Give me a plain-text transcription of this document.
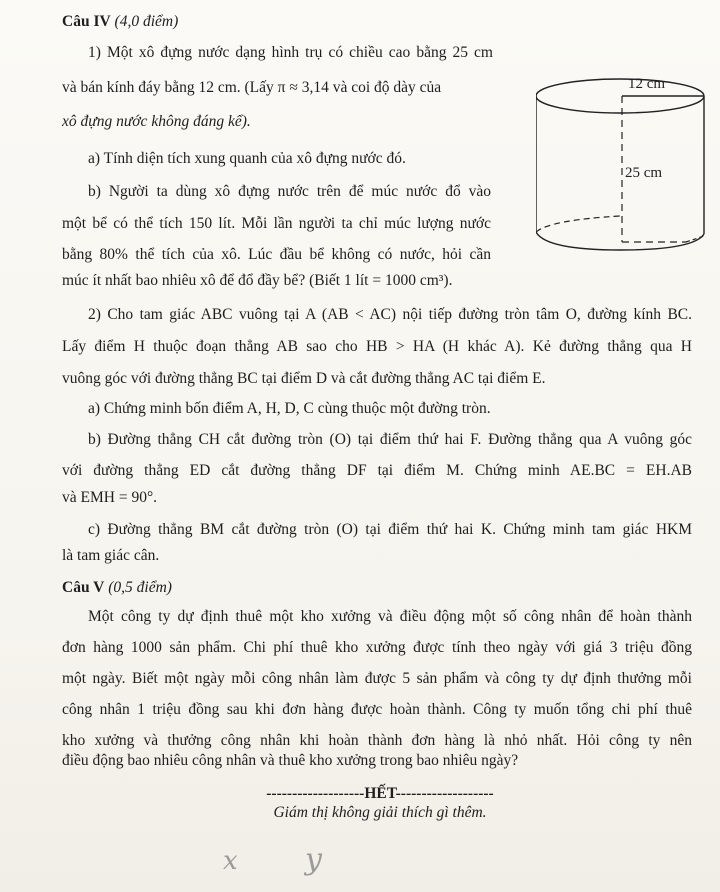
Câu IV (4,0 điểm)

1) Một xô đựng nước dạng hình trụ có chiều cao bằng 25 cm

và bán kính đáy bằng 12 cm. (Lấy π ≈ 3,14 và coi độ dày của

xô đựng nước không đáng kể).

a) Tính diện tích xung quanh của xô đựng nước đó.

b) Người ta dùng xô đựng nước trên để múc nước đổ vào

một bể có thể tích 150 lít. Mỗi lần người ta chỉ múc lượng nước

bằng 80% thể tích của xô. Lúc đầu bể không có nước, hỏi cần

múc ít nhất bao nhiêu xô để đổ đầy bể? (Biết 1 lít = 1000 cm³).

12 cm
25 cm

2) Cho tam giác ABC vuông tại A (AB < AC) nội tiếp đường tròn tâm O, đường kính BC.

Lấy điểm H thuộc đoạn thẳng AB sao cho HB > HA (H khác A). Kẻ đường thẳng qua H

vuông góc với đường thẳng BC tại điểm D và cắt đường thẳng AC tại điểm E.

a) Chứng minh bốn điểm A, H, D, C cùng thuộc một đường tròn.

b) Đường thẳng CH cắt đường tròn (O) tại điểm thứ hai F. Đường thẳng qua A vuông góc

với đường thẳng ED cắt đường thẳng DF tại điểm M. Chứng minh AE.BC = EH.AB

và EMH = 90°.

c) Đường thẳng BM cắt đường tròn (O) tại điểm thứ hai K. Chứng minh tam giác HKM

là tam giác cân.

Câu V (0,5 điểm)

Một công ty dự định thuê một kho xưởng và điều động một số công nhân để hoàn thành

đơn hàng 1000 sản phẩm. Chi phí thuê kho xưởng được tính theo ngày với giá 3 triệu đồng

một ngày. Biết một ngày mỗi công nhân làm được 5 sản phẩm và công ty dự định thưởng mỗi

công nhân 1 triệu đồng sau khi đơn hàng được hoàn thành. Công ty muốn tổng chi phí thuê

kho xưởng và thưởng công nhân khi hoàn thành đơn hàng là nhỏ nhất. Hỏi công ty nên

điều động bao nhiêu công nhân và thuê kho xưởng trong bao nhiêu ngày?

-------------------HẾT-------------------

Giám thị không giải thích gì thêm.

x y
